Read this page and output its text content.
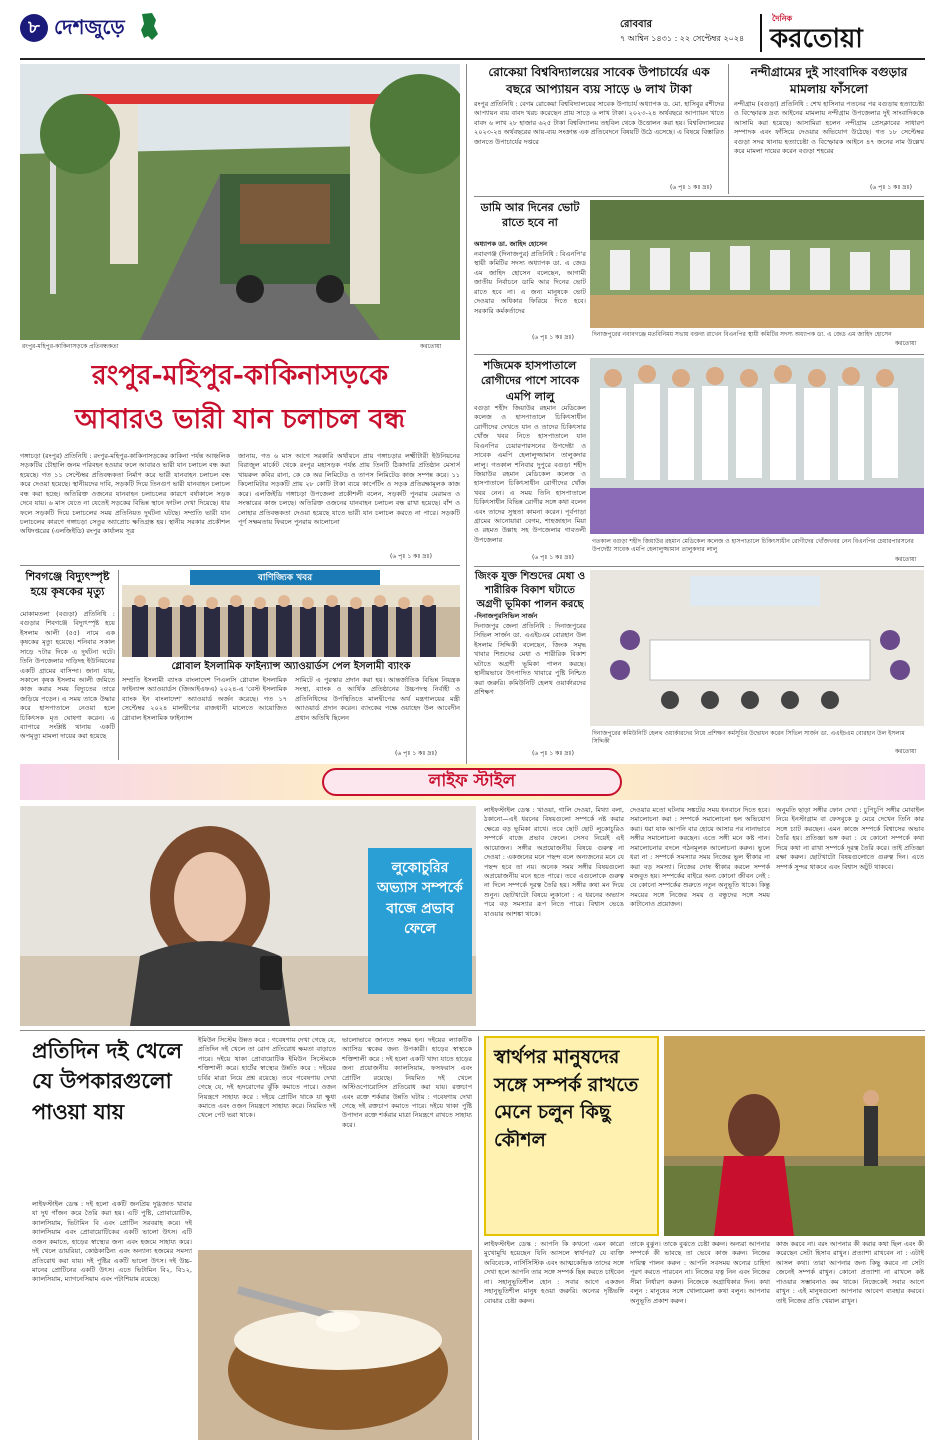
৮ দেশজুড়ে	রোববার
৭ আশ্বিন ১৪৩১ : ২২ সেপ্টেম্বর ২০২৪
দৈনিক
করতোয়া
রংপুর-মহিপুর-কাকিনাসড়কে প্রতিবন্ধকতা	করতোয়া
রংপুর-মহিপুর-কাকিনাসড়কে
আবারও ভারী যান চলাচল বন্ধ
গঙ্গাচড়া (রংপুর) প্রতিনিধি : রংপুর-মহিপুর-কাকিনাসড়কের কাকিনা পর্যন্ত আঞ্চলিক সড়কটির চৌহালি জনম পরিবহন হওয়ার ফলে আবারও ভারী যান চলাচল বন্ধ করা হয়েছে। গত ১১ সেপ্টেম্বর প্রতিবন্ধকতা নির্মাণ করে ভারী যানবাহন চলাচল বন্ধ করে দেওয়া হয়েছে। স্থানীয়দের দাবি, সড়কটি দিয়ে তিনগুণ ভারী যানবাহন চলাচল বন্ধ করা হচ্ছে। অতিরিক্ত ওজনের যানবাহন চলাচলের কারণে বর্ষাকালে সড়ক দেবে যায়। ৬ মাস যেতে না যেতেই সড়কের বিভিন্ন স্থানে ফাটল দেখা দিয়েছে। ধার ফলে সড়কটি দিয়ে চলাচলের সময় প্রতিনিয়ত দুর্ঘটনা ঘটছে। সম্প্রতি ভারী যান চলাচলের কারণে গঙ্গাচড়া সেতুর অ্যাপ্রোচ ক্ষতিগ্রস্ত হয়। স্থানীয় সরকার প্রকৌশল অধিদপ্তরের (এলজিইডি) রংপুর কার্যালয় সূত্র
জানায়, গত ৬ মাস আগে সরকারি অর্থায়নে প্রায় গঙ্গাচড়ার লক্ষ্মীটারী ইউনিয়নের বিরাজুল মার্কেট থেকে রংপুর মহাসড়ক পর্যন্ত প্রায় তিনটি ঠিকাদারি প্রতিষ্ঠান মেসার্স খায়রুল কবির রানা, কে কে অর লিমিটেড ও তাপস লিমিটেড কাজ সম্পন্ন করে। ১১ কিলোমিটার সড়কটি প্রায় ২৮ কোটি টাকা ব্যয়ে কার্পেটিং ও সড়ক প্রতিরক্ষামূলক কাজ করে। এলজিইডি গঙ্গাচড়া উপজেলা প্রকৌশলী বলেন, সড়কটি পুনরায় মেরামত ও সংস্কারের কাজ চলছে। অতিরিক্ত ওজনের যানবাহন চলাচল বন্ধ রাখা হয়েছে। বাঁশ ও লোহার প্রতিবন্ধকতা দেওয়া হয়েছে যাতে ভারী যান চলাচল করতে না পারে। সড়কটি পূর্ণ সক্ষমতায় ফিরলে পুনরায় আলোচনা
(৬ পৃঃ ১ কঃ দ্রঃ)
শিবগঞ্জে বিদ্যুৎস্পৃষ্ট হয়ে কৃষকের মৃত্যু
মোকামতলা (বগুড়া) প্রতিনিধি : বগুড়ার শিবগঞ্জে বিদ্যুৎস্পৃষ্ট হয়ে ইসলাম আলী (৫৫) নামে এক কৃষকের মৃত্যু হয়েছে। শনিবার সকাল সাড়ে ৭টার দিকে এ দুর্ঘটনা ঘটে। তিনি উপজেলার দাড়িদহ ইউনিয়নের একটি গ্রামের বাসিন্দা। জানা যায়, সকালে কৃষক ইসলাম আলী জমিতে কাজ করার সময় বিদ্যুতের তারে জড়িয়ে পড়েন। এ সময় তাকে উদ্ধার করে হাসপাতালে নেওয়া হলে চিকিৎসক মৃত ঘোষণা করেন। এ ব্যাপারে সংশ্লিষ্ট থানায় একটি অপমৃত্যু মামলা দায়ের করা হয়েছে
বাণিজ্যিক খবর
গ্লোবাল ইসলামিক ফাইন্যান্স অ্যাওয়ার্ডস পেল ইসলামী ব্যাংক
সম্প্রতি ইসলামী ব্যাংক বাংলাদেশ পিএলসি গ্লোবাল ইসলামিক ফাইন্যান্স অ্যাওয়ার্ডস (জিআইএফএ) ২০২৪-এ 'বেস্ট ইসলামিক ব্যাংক ইন বাংলাদেশ' অ্যাওয়ার্ড অর্জন করেছে। গত ১৭ সেপ্টেম্বর ২০২৪ মালদ্বীপের রাজধানী মালেতে আয়োজিত গ্লোবাল ইসলামিক ফাইন্যান্স
সামিটে এ পুরস্কার প্রদান করা হয়। আন্তর্জাতিক বিভিন্ন নিয়ন্ত্রক সংস্থা, ব্যাংক ও আর্থিক প্রতিষ্ঠানের উচ্চপদস্থ নির্বাহী ও প্রতিনিধিদের উপস্থিতিতে মালদ্বীপের অর্থ মন্ত্রণালয়ের মন্ত্রী অ্যাওয়ার্ড প্রদান করেন। ব্যাংকের পক্ষে ওয়াহেদ উল আবেদীন প্রধান অতিথি ছিলেন
(৬ পৃঃ ১ কঃ দ্রঃ)
রোকেয়া বিশ্ববিদ্যালয়ের সাবেক উপাচার্যের এক বছরে আপ্যায়ন ব্যয় সাড়ে ৬ লাখ টাকা
রংপুর প্রতিনিধি : বেগম রোকেয়া বিশ্ববিদ্যালয়ের সাবেক উপাচার্য অধ্যাপক ড. মো. হাসিবুর রশীদের আপ্যায়ন ব্যয় বাবদ খরচ করেছেন প্রায় সাড়ে ৬ লাখ টাকা। ২০২৩-২৪ অর্থবছরে আপ্যায়ন খাতে বাবদ ৬ লাখ ২৮ হাজার ৬২৫ টাকা বিশ্ববিদ্যালয় তহবিল থেকে উত্তোলন করা হয়। বিশ্ববিদ্যালয়ের ২০২৩-২৪ অর্থবছরের আয়-ব্যয় সংক্রান্ত এক প্রতিবেদনে বিষয়টি উঠে এসেছে। এ বিষয়ে বিস্তারিত জানতে উপাচার্যের দপ্তরে
(৬ পৃঃ ১ কঃ দ্রঃ)
নন্দীগ্রামের দুই সাংবাদিক বগুড়ার মামলায় ফাঁসলো
নন্দীগ্রাম (বগুড়া) প্রতিনিধি : শেখ হাসিনার পতনের পর বগুড়ায় হত্যাচেষ্টা ও বিস্ফোরক দ্রব্য আইনের মামলায় নন্দীগ্রাম উপজেলার দুই সাংবাদিককে আসামি করা হয়েছে। আসামিরা হলেন নন্দীগ্রাম প্রেসক্লাবের সাধারণ সম্পাদক এবং ফাঁসিয়ে দেওয়ার অভিযোগ উঠেছে। গত ১৮ সেপ্টেম্বর বগুড়া সদর থানায় হত্যাচেষ্টা ও বিস্ফোরক আইনে ৪৭ জনের নাম উল্লেখ করে মামলা দায়ের করেন বগুড়া শহরের
(৬ পৃঃ ১ কঃ দ্রঃ)
ডামি আর দিনের ভোট রাতে হবে না
অধ্যাপক ডা. জাহিদ হোসেন
নবাবগঞ্জ (দিনাজপুর) প্রতিনিধি : বিএনপি'র স্থায়ী কমিটির সদস্য অধ্যাপক ডা. এ জেড এম জাহিদ হোসেন বলেছেন, আগামী জাতীয় নির্বাচনে ডামি আর দিনের ভোট রাতে হবে না। এ জন্য মানুষকে ভোট দেওয়ার অধিকার ফিরিয়ে দিতে হবে। সরকারি কর্মকর্তাদের
(৬ পৃঃ ১ কঃ দ্রঃ)	দিনাজপুরের নবাবগঞ্জে মতবিনিময় সভায় বক্তব্য রাখেন বিএনপির স্থায়ী কমিটির সদস্য অধ্যাপক ডা. এ জেড এম জাহিদ হোসেন
করতোয়া
শজিমেক হাসপাতালে রোগীদের পাশে সাবেক এমপি লালু
বগুড়া শহীদ জিয়াউর রহমান মেডিকেল কলেজ ও হাসপাতালে চিকিৎসাধীন রোগীদের দেখতে যান ও তাদের চিকিৎসার খোঁজ খবর নিতে হাসপাতালে যান বিএনপির চেয়ারপারসনের উপদেষ্টা ও সাবেক এমপি হেলালুজ্জামান তালুকদার লালু। গতকাল শনিবার দুপুরে বগুড়া শহীদ জিয়াউর রহমান মেডিকেল কলেজ ও হাসপাতালে চিকিৎসাধীন রোগীদের খোঁজ খবর নেন। এ সময় তিনি হাসপাতালে চিকিৎসাধীন বিভিন্ন রোগীর সঙ্গে কথা বলেন এবং তাদের সুস্থতা কামনা করেন। পূর্বপাড়া গ্রামের আনোয়ারা বেগম, শাহজাহান মিয়া ও রহমত উল্লাহ সহ উপজেলার গাবতলী উপজেলার
(৬ পৃঃ ১ কঃ দ্রঃ)
গতকাল বগুড়া শহীদ জিয়াউর রহমান মেডিকেল কলেজ ও হাসপাতালে চিকিৎসাধীন রোগীদের খোঁজখবর নেন বিএনপির চেয়ারপারসনের উপদেষ্টা সাবেক এমপি হেলালুজ্জামান তালুকদার লালু
করতোয়া
জিংক যুক্ত শিশুদের মেধা ও শারীরিক বিকাশ ঘটাতে অগ্রণী ভূমিকা পালন করছে
-দিনাজপুরসিভিল সার্জন
দিনাজপুর জেলা প্রতিনিধি : দিনাজপুরের সিভিল সার্জন ডা. এএইচএম বোরহান উল ইসলাম সিদ্দিকী বলেছেন, জিংক সমৃদ্ধ খাবার শিশুদের মেধা ও শারীরিক বিকাশ ঘটাতে অগ্রণী ভূমিকা পালন করছে। স্থানীয়ভাবে উৎপাদিত খাবারে পুষ্টি নিশ্চিত করা জরুরি। কমিউনিটি হেলথ ওয়ার্কারদের প্রশিক্ষণ
(৬ পৃঃ ১ কঃ দ্রঃ)
দিনাজপুরের কমিউনিটি হেলথ ওয়ার্কারদের নিয়ে প্রশিক্ষণ কর্মসূচির উদ্বোধন করেন সিভিল সার্জন ডা. এএইচএম বোরহান উল ইসলাম সিদ্দিকী
করতোয়া
লাইফ স্টাইল
লুকোচুরির অভ্যাস সম্পর্কে বাজে প্রভাব ফেলে
লাইফস্টাইল ডেস্ক : খাওয়া, গালি দেওয়া, মিথ্যা বলা, ঠকানো—এই ধরনের বিষয়গুলো সম্পর্কে নষ্ট করার ক্ষেত্রে বড় ভূমিকা রাখে। তবে ছোট ছোট লুকোচুরিও সম্পর্কে বাজে প্রভাব ফেলে। সেসব নিয়েই এই আয়োজন। সঙ্গীর অপ্রয়োজনীয় বিষয়ে গুরুত্ব না দেওয়া : একজনের মনে পছন্দ বলে অন্যজনের মনে যে পছন্দ হবে তা নয়। অনেক সময় সঙ্গীর বিষয়গুলো অপ্রয়োজনীয় মনে হতে পারে। তবে এগুলোকে গুরুত্ব না দিলে সম্পর্কে দূরত্ব তৈরি হয়। সঙ্গীর কথা মন দিয়ে শুনুন। ছোটখাটো বিষয়ে লুকানো : এ ধরনের অভ্যাস পরে বড় সমস্যার রূপ নিতে পারে। বিশ্বাস ভেঙে যাওয়ার আশঙ্কা থাকে।
দেওয়ার মতো ঘটনায় সঙ্কটের সময় ধনবানে দিতে হবে। সমালোচনা করা : সম্পর্কে সমালোচনা হল অভিযোগ করা। ধরা যাক আপনি বার হোয়ে আসার পর নানাভাবে সঙ্গীর সমালোচনা করছেন। এতে সঙ্গী মনে কষ্ট পান। সমালোচনার বদলে গঠনমূলক আলোচনা করুন। ভুলে ধরা না : সম্পর্কে সমস্যার সময় নিজের ভুল স্বীকার না করা বড় সমস্যা। নিজের দোষ স্বীকার করলে সম্পর্ক মজবুত হয়। সম্পর্কের বাইরে অন্য কোনো জীবন নেই : যে কোনো সম্পর্কের শুরুতে নতুন অনুভূতি থাকে। কিন্তু সময়ের সঙ্গে নিজের সময় ও বন্ধুদের সঙ্গে সময় কাটানোও প্রয়োজন।
অনুমতি ছাড়া সঙ্গীর ফোন দেখা : চুপিচুপি সঙ্গীর মোবাইল নিয়ে ইনস্টাগ্রাম বা ফেসবুকে ঢু মেরে দেখেন তিনি কার সঙ্গে চ্যাট করছেন। এমন কাজে সম্পর্কে বিশ্বাসের অভাব তৈরি হয়। প্রতিজ্ঞা ভঙ্গ করা : যে কোনো সম্পর্কে কথা দিয়ে কথা না রাখা সম্পর্কে দূরত্ব তৈরি করে। তাই প্রতিজ্ঞা রক্ষা করুন। ছোটখাটো বিষয়গুলোতে গুরুত্ব দিন। এতে সম্পর্ক সুন্দর থাকবে এবং বিশ্বাস অটুট থাকবে।
প্রতিদিন দই খেলে যে উপকারগুলো পাওয়া যায়
লাইফস্টাইল ডেস্ক : দই হলো একটি জনপ্রিয় দুগ্ধজাত খাবার যা দুধ গাঁজন করে তৈরি করা হয়। এটি পুষ্টি, প্রোবায়োটিক, ক্যালসিয়াম, ভিটামিন বি এবং প্রোটিন সরবরাহ করে। দই ক্যালসিয়াম এবং প্রোবায়োটিকের একটি ভালো উৎস। এটি ওজন কমাতে, হাড়ের স্বাস্থ্যের জন্য এবং হজমে সাহায্য করে। দই খেলে ডায়রিয়া, কোষ্ঠকাঠিন্য এবং অন্যান্য হজমের সমস্যা প্রতিরোধ করা যায়। দই পুষ্টির একটি ভালো উৎস। দই উচ্চ-মানের প্রোটিনের একটি উৎস। এতে ভিটামিন বি২, বি১২, ক্যালসিয়াম, ম্যাগনেসিয়াম এবং পটাশিয়াম রয়েছে।
ইমিউন সিস্টেম উন্নত করে : গবেষণায় দেখা গেছে যে, প্রতিদিন দই খেলে তা রোগ প্রতিরোধ ক্ষমতা বাড়াতে পারে। দইয়ে থাকা প্রোবায়োটিক ইমিউন সিস্টেমকে শক্তিশালী করে। হার্টের স্বাস্থ্যের উন্নতি করে : দইয়ের চর্বির মাত্রা নিয়ে প্রশ্ন রয়েছে। তবে গবেষণায় দেখা গেছে যে, দই হৃদরোগের ঝুঁকি কমাতে পারে। ওজন নিয়ন্ত্রণে সাহায্য করে : দইয়ে প্রোটিন থাকে যা ক্ষুধা কমাতে এবং ওজন নিয়ন্ত্রণে সাহায্য করে। নিয়মিত দই খেলে পেট ভরা থাকে।
ভালোভাবে জানতে সক্ষম হন। দইয়ের ল্যাকটিক অ্যাসিড ত্বকের জন্য উপকারী। হাড়ের স্বাস্থ্যকে শক্তিশালী করে : দই হলো একটি খাদ্য যাতে হাড়ের জন্য প্রয়োজনীয় ক্যালসিয়াম, ফসফরাস এবং প্রোটিন রয়েছে। নিয়মিত দই খেলে অস্টিওপোরোসিস প্রতিরোধ করা যায়। রক্তচাপ এবং রক্তে শর্করার উন্নতি ঘটায় : গবেষণায় দেখা গেছে দই রক্তচাপ কমাতে পারে। দইয়ে থাকা পুষ্টি উপাদান রক্তে শর্করার মাত্রা নিয়ন্ত্রণে রাখতে সাহায্য করে।
স্বার্থপর মানুষদের সঙ্গে সম্পর্ক রাখতে মেনে চলুন কিছু কৌশল
লাইফস্টাইল ডেস্ক : আপনি কি কখনো এমন কারো মুখোমুখি হয়েছেন যিনি আসলে স্বার্থপর? যে ব্যক্তি অবিবেচক, নার্সিসিস্টিক এবং আত্মকেন্দ্রিক তাদের সঙ্গে দেখা হলে আপনি তার সঙ্গে সম্পর্ক ছিন্ন করতে চাইবেন না। সহানুভূতিশীল হোন : সবার আগে একজন সহানুভূতিশীল মানুষ হওয়া জরুরি। অন্যের দৃষ্টিভঙ্গি বোঝার চেষ্টা করুন।
তাকে বুঝুন। তাকে বুঝতে চেষ্টা করুন। অন্যরা আপনার সম্পর্কে কী ভাবছে তা ভেবে কাজ করুন। নিজের দায়িত্ব পালন করুন : আপনি সবসময় অন্যের চাহিদা পূরণ করতে পারবেন না। নিজের যত্ন নিন এবং নিজের সীমা নির্ধারণ করুন। নিজেকে অগ্রাধিকার দিন। কথা বলুন : মানুষের সঙ্গে খোলামেলা কথা বলুন। আপনার অনুভূতি প্রকাশ করুন।
কাজ করবে না। বরং আপনার কী করার কথা ছিল এবং কী করেছেন সেটা হিসাব রাখুন। প্রত্যাশা রাখবেন না : এটাই আসল কথা। তারা আপনার জন্য কিছু করবে না সেটা জেনেই সম্পর্ক রাখুন। কোনো প্রত্যাশা না রাখলে কষ্ট পাওয়ার সম্ভাবনাও কম থাকে। নিজেকেই সবার আগে রাখুন : এই মানুষগুলো আপনার আবেগ ব্যবহার করবে। তাই নিজের প্রতি খেয়াল রাখুন।
